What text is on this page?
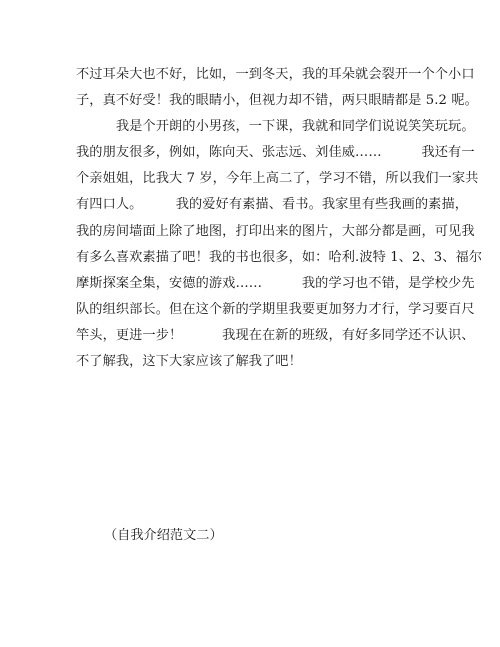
不过耳朵大也不好，比如，一到冬天，我的耳朵就会裂开一个个小口
子，真不好受！我的眼睛小，但视力却不错，两只眼睛都是 5.2 呢。
　　　我是个开朗的小男孩，一下课，我就和同学们说说笑笑玩玩。
我的朋友很多，例如，陈向天、张志远、刘佳威……　　　我还有一
个亲姐姐，比我大 7 岁，今年上高二了，学习不错，所以我们一家共
有四口人。　　　我的爱好有素描、看书。我家里有些我画的素描，
我的房间墙面上除了地图，打印出来的图片，大部分都是画，可见我
有多么喜欢素描了吧！我的书也很多，如：哈利.波特 1、2、3、福尔
摩斯探案全集，安德的游戏……　　　我的学习也不错，是学校少先
队的组织部长。但在这个新的学期里我要更加努力才行，学习要百尺
竿头，更进一步！　　　我现在在新的班级，有好多同学还不认识、
不了解我，这下大家应该了解我了吧！
（自我介绍范文二）
